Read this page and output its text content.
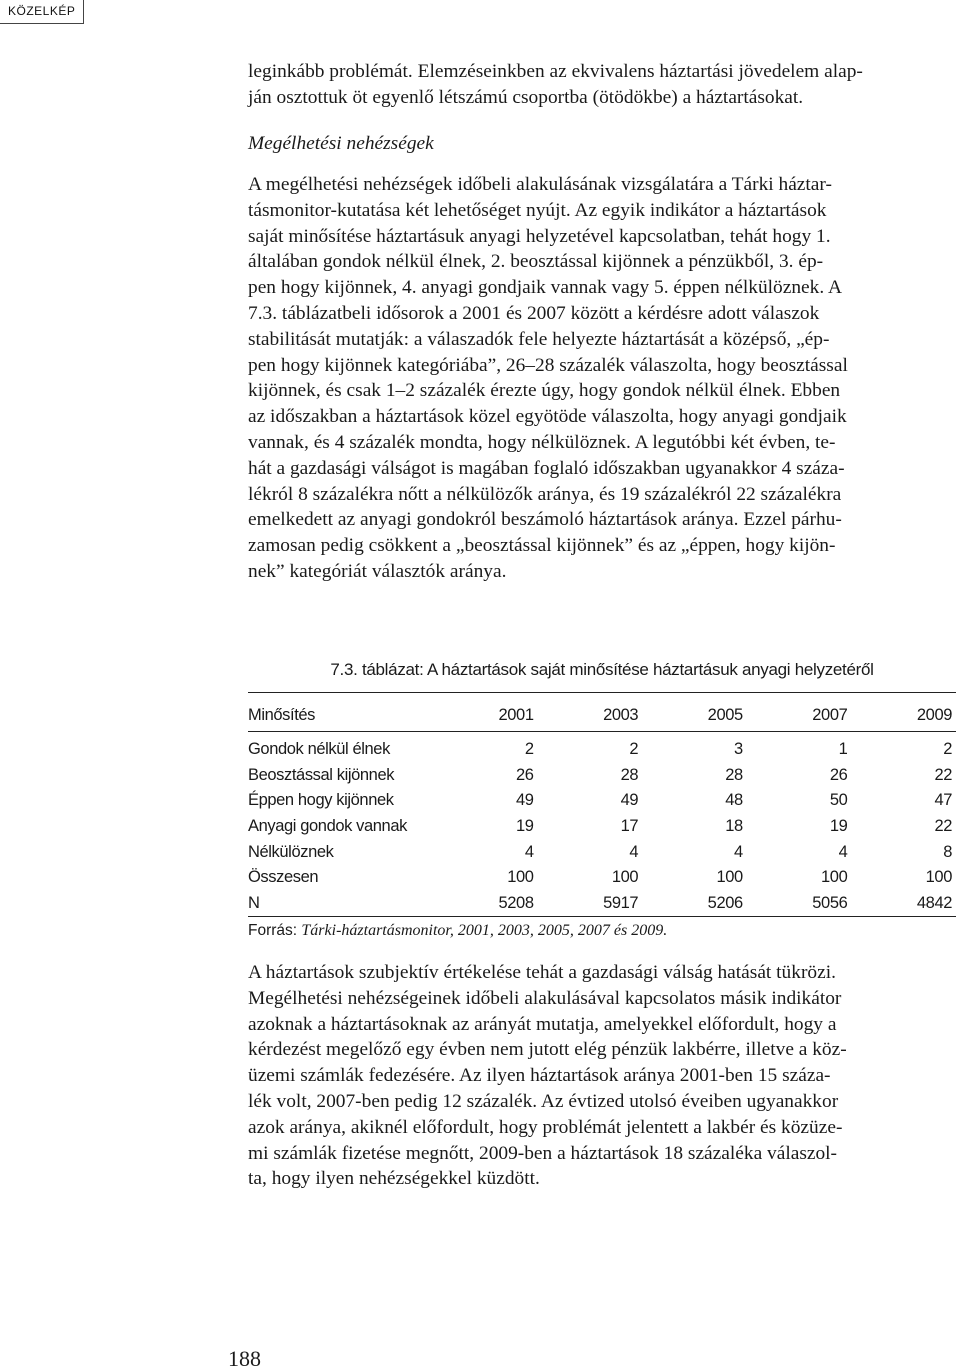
KÖZELKÉP
leginkább problémát. Elemzéseinkben az ekvivalens háztartási jövedelem alap-
ján osztottuk öt egyenlő létszámú csoportba (ötödökbe) a háztartásokat.
Megélhetési nehézségek
A megélhetési nehézségek időbeli alakulásának vizsgálatára a Tárki háztar-
tásmonitor-kutatása két lehetőséget nyújt. Az egyik indikátor a háztartások
saját minősítése háztartásuk anyagi helyzetével kapcsolatban, tehát hogy 1.
általában gondok nélkül élnek, 2. beosztással kijönnek a pénzükből, 3. ép-
pen hogy kijönnek, 4. anyagi gondjaik vannak vagy 5. éppen nélkülöznek. A
7.3. táblázatbeli idősorok a 2001 és 2007 között a kérdésre adott válaszok
stabilitását mutatják: a válaszadók fele helyezte háztartását a középső, „ép-
pen hogy kijönnek kategóriába”, 26–28 százalék válaszolta, hogy beosztással
kijönnek, és csak 1–2 százalék érezte úgy, hogy gondok nélkül élnek. Ebben
az időszakban a háztartások közel egyötöde válaszolta, hogy anyagi gondjaik
vannak, és 4 százalék mondta, hogy nélkülöznek. A legutóbbi két évben, te-
hát a gazdasági válságot is magában foglaló időszakban ugyanakkor 4 száza-
lékról 8 százalékra nőtt a nélkülözők aránya, és 19 százalékról 22 százalékra
emelkedett az anyagi gondokról beszámoló háztartások aránya. Ezzel párhu-
zamosan pedig csökkent a „beosztással kijönnek” és az „éppen, hogy kijön-
nek” kategóriát választók aránya.
7.3. táblázat: A háztartások saját minősítése háztartásuk anyagi helyzetéről
Minősítés	2001	2003	2005	2007	2009
Gondok nélkül élnek	2	2	3	1	2
Beosztással kijönnek	26	28	28	26	22
Éppen hogy kijönnek	49	49	48	50	47
Anyagi gondok vannak	19	17	18	19	22
Nélkülöznek	4	4	4	4	8
Összesen	100	100	100	100	100
N	5208	5917	5206	5056	4842
Forrás: Tárki-háztartásmonitor, 2001, 2003, 2005, 2007 és 2009.
A háztartások szubjektív értékelése tehát a gazdasági válság hatását tükrözi.
Megélhetési nehézségeinek időbeli alakulásával kapcsolatos másik indikátor
azoknak a háztartásoknak az arányát mutatja, amelyekkel előfordult, hogy a
kérdezést megelőző egy évben nem jutott elég pénzük lakbérre, illetve a köz-
üzemi számlák fedezésére. Az ilyen háztartások aránya 2001-ben 15 száza-
lék volt, 2007-ben pedig 12 százalék. Az évtized utolsó éveiben ugyanakkor
azok aránya, akiknél előfordult, hogy problémát jelentett a lakbér és közüze-
mi számlák fizetése megnőtt, 2009-ben a háztartások 18 százaléka válaszol-
ta, hogy ilyen nehézségekkel küzdött.
188
